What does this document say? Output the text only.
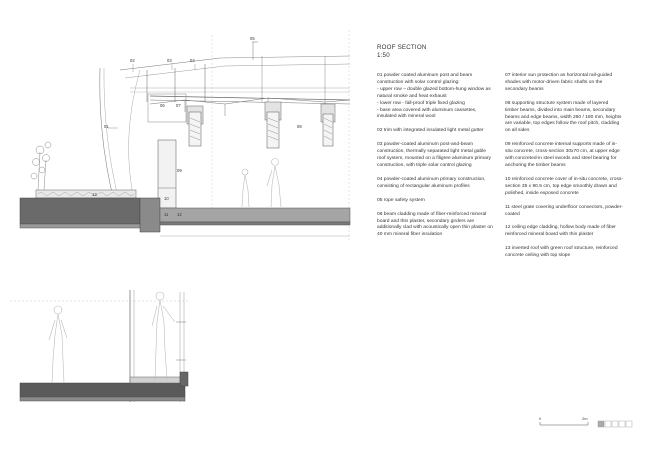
02	03	04
05
06	07
08
01
09
13
10
11 12
0	2m
ROOF SECTION
1:50

01 powder coated aluminum post and beam construction with solar control glazing:
- upper row – double glazed bottom-hung window as natural smoke and heat exhaust
- lower row - fall-proof triple fixed glazing
- base area covered with aluminum cassettes, insulated with mineral wool

02 trim with integrated insulated light metal gutter

03 powder-coated aluminum post-and-beam construction, thermally separated light metal gable roof system, mounted on a filigree aluminum primary construction, with triple solar control glazing

04 powder-coated aluminum primary construction, consisting of rectangular aluminum profiles

05 rope safety system

06 beam cladding made of fiber-reinforced mineral board and thin plaster, secondary girders are additionally clad with acoustically open thin plaster on 40 mm mineral fiber insulation

07 interior sun protection as horizontal rail-guided shades with motor-driven fabric shafts on the secondary beams

08 supporting structure system made of layered timber beams, divided into main beams, secondary beams and edge beams, width 260 / 180 mm, heights are variable, top edges follow the roof pitch, cladding on all sides

09 reinforced concrete internal supports made of in-situ concrete, cross-section 30x70 cm, at upper edge with concreted-in steel swords and steel bearing for anchoring the timber beams

10 reinforced concrete cover of in-situ concrete, cross-section 35 x 90.5 cm, top edge smoothly drawn and polished, inside exposed concrete

11 steel grate covering underfloor convectors, powder-coated

12 ceiling edge cladding, hollow body made of fiber reinforced mineral board with thin plaster

13 inverted roof with green roof structure, reinforced concrete ceiling with top slope
